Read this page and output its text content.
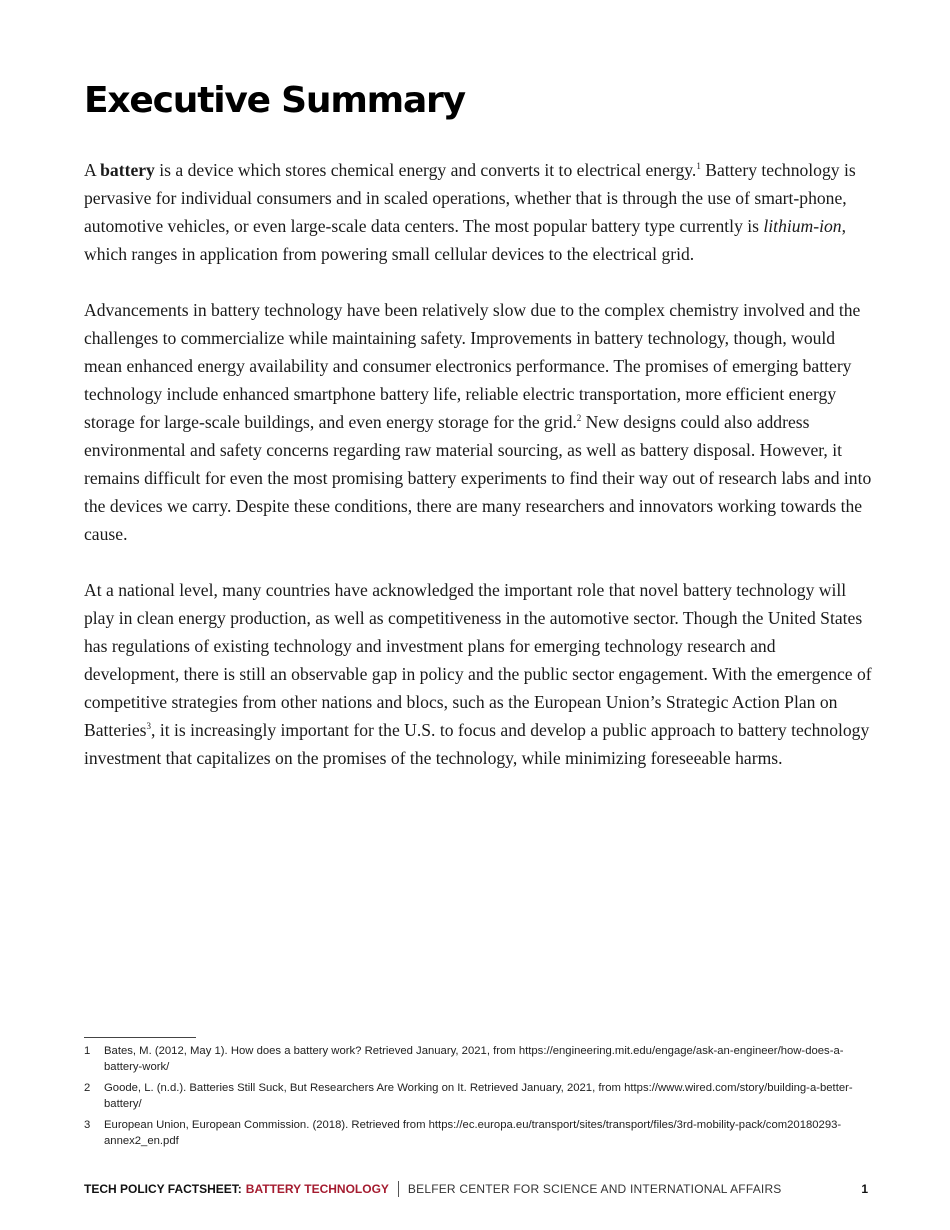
Executive Summary

A battery is a device which stores chemical energy and converts it to electrical energy.$^1$ Battery technology is pervasive for individual consumers and in scaled operations, whether that is through the use of smart-phone, automotive vehicles, or even large-scale data centers. The most popular battery type currently is lithium-ion, which ranges in application from powering small cellular devices to the electrical grid.

Advancements in battery technology have been relatively slow due to the complex chemistry involved and the challenges to commercialize while maintaining safety. Improvements in battery technology, though, would mean enhanced energy availability and consumer electronics performance. The promises of emerging battery technology include enhanced smartphone battery life, reliable electric transportation, more efficient energy storage for large-scale buildings, and even energy storage for the grid.$^2$ New designs could also address environmental and safety concerns regarding raw material sourcing, as well as battery disposal. However, it remains difficult for even the most promising battery experiments to find their way out of research labs and into the devices we carry. Despite these conditions, there are many researchers and innovators working towards the cause.

At a national level, many countries have acknowledged the important role that novel battery technology will play in clean energy production, as well as competitiveness in the automotive sector. Though the United States has regulations of existing technology and investment plans for emerging technology research and development, there is still an observable gap in policy and the public sector engagement. With the emergence of competitive strategies from other nations and blocs, such as the European Union’s Strategic Action Plan on Batteries$^3$, it is increasingly important for the U.S. to focus and develop a public approach to battery technology investment that capitalizes on the promises of the technology, while minimizing foreseeable harms.

1	Bates, M. (2012, May 1). How does a battery work? Retrieved January, 2021, from https://engineering.mit.edu/engage/ask-an-engineer/how-does-a-battery-work/
2	Goode, L. (n.d.). Batteries Still Suck, But Researchers Are Working on It. Retrieved January, 2021, from https://www.wired.com/story/building-a-better-battery/
3	European Union, European Commission. (2018). Retrieved from https://ec.europa.eu/transport/sites/transport/files/3rd-mobility-pack/com20180293-annex2_en.pdf
TECH POLICY FACTSHEET: BATTERY TECHNOLOGY BELFER CENTER FOR SCIENCE AND INTERNATIONAL AFFAIRS	1
